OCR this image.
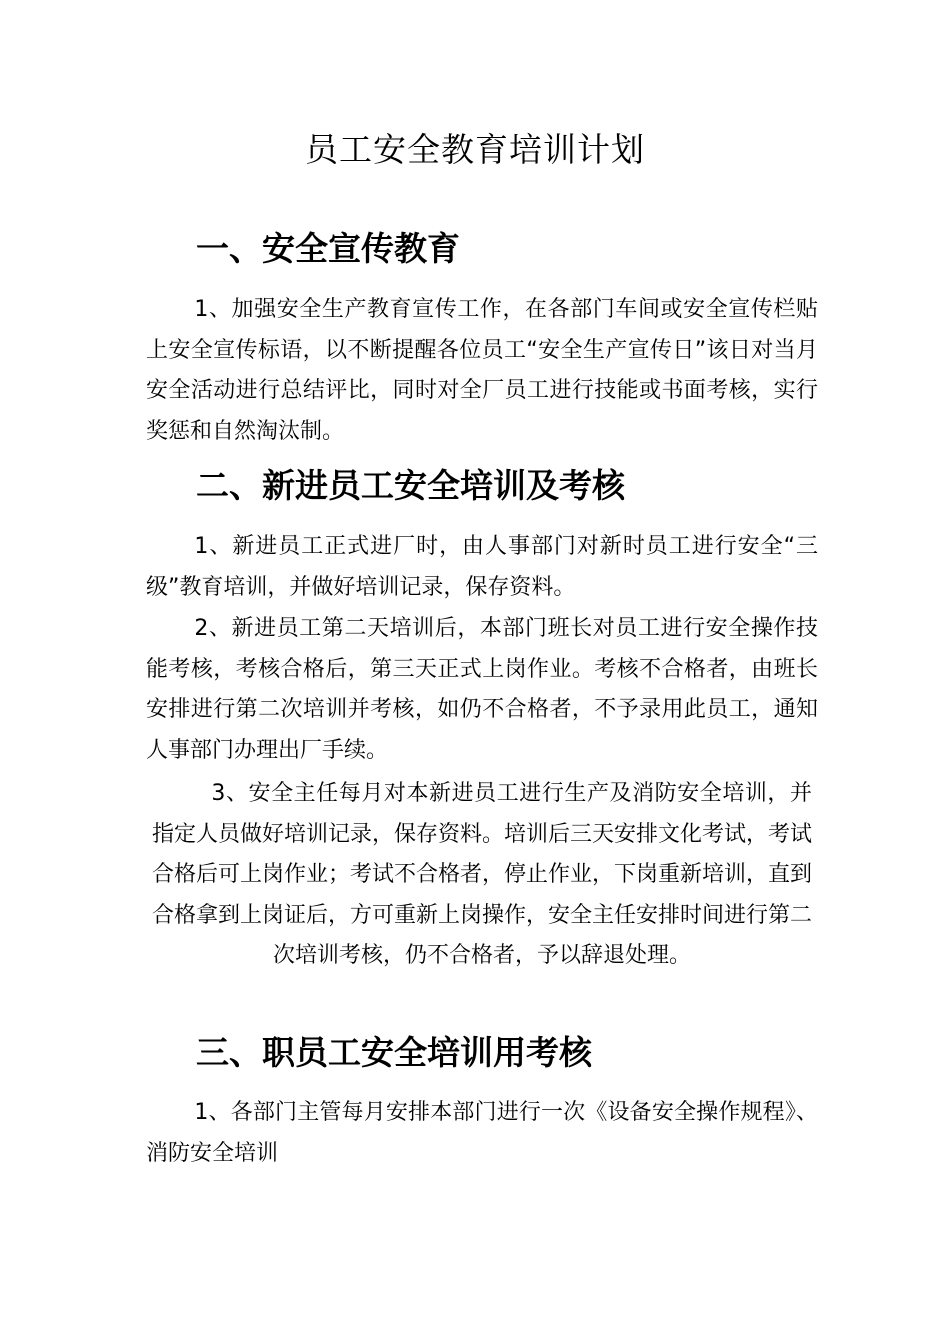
员工安全教育培训计划
一、安全宣传教育

1、加强安全生产教育宣传工作，在各部门车间或安全宣传栏贴上安全宣传标语，以不断提醒各位员工“安全生产宣传日”该日对当月安全活动进行总结评比，同时对全厂员工进行技能或书面考核，实行奖惩和自然淘汰制。

二、新进员工安全培训及考核

1、新进员工正式进厂时，由人事部门对新时员工进行安全“三级”教育培训，并做好培训记录，保存资料。

2、新进员工第二天培训后，本部门班长对员工进行安全操作技能考核，考核合格后，第三天正式上岗作业。考核不合格者，由班长安排进行第二次培训并考核，如仍不合格者，不予录用此员工，通知人事部门办理出厂手续。

3、安全主任每月对本新进员工进行生产及消防安全培训，并指定人员做好培训记录，保存资料。培训后三天安排文化考试，考试合格后可上岗作业；考试不合格者，停止作业，下岗重新培训，直到合格拿到上岗证后，方可重新上岗操作，安全主任安排时间进行第二次培训考核，仍不合格者，予以辞退处理。

三、职员工安全培训用考核

1、各部门主管每月安排本部门进行一次《设备安全操作规程》、消防安全培训
